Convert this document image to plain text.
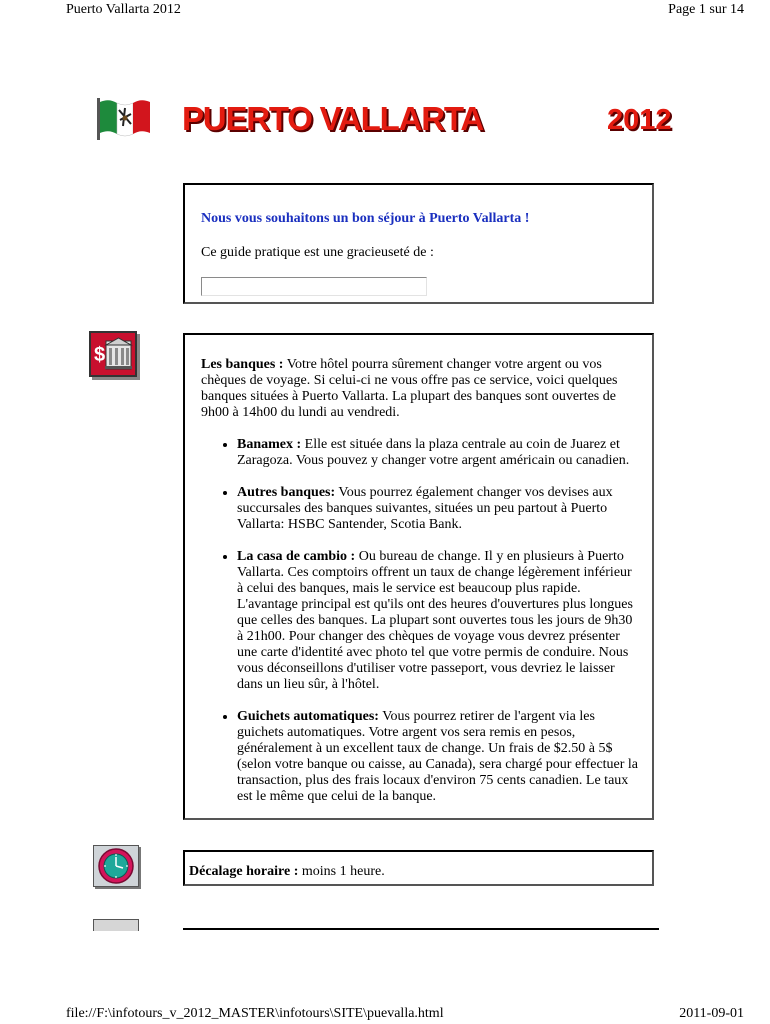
Puerto Vallarta 2012	Page 1 sur 14
PUERTO VALLARTA	2012
Nous vous souhaitons un bon séjour à Puerto Vallarta !
Ce guide pratique est une gracieuseté de :
$	Les banques : Votre hôtel pourra sûrement changer votre argent ou vos chèques de voyage. Si celui-ci ne vous offre pas ce service, voici quelques banques situées à Puerto Vallarta. La plupart des banques sont ouvertes de 9h00 à 14h00 du lundi au vendredi.

• Banamex : Elle est située dans la plaza centrale au coin de Juarez et Zaragoza. Vous pouvez y changer votre argent américain ou canadien.
• Autres banques: Vous pourrez également changer vos devises aux succursales des banques suivantes, situées un peu partout à Puerto Vallarta: HSBC Santender, Scotia Bank.
• La casa de cambio : Ou bureau de change. Il y en plusieurs à Puerto Vallarta. Ces comptoirs offrent un taux de change légèrement inférieur à celui des banques, mais le service est beaucoup plus rapide. L'avantage principal est qu'ils ont des heures d'ouvertures plus longues que celles des banques. La plupart sont ouvertes tous les jours de 9h30 à 21h00. Pour changer des chèques de voyage vous devrez présenter une carte d'identité avec photo tel que votre permis de conduire. Nous vous déconseillons d'utiliser votre passeport, vous devriez le laisser dans un lieu sûr, à l'hôtel.
• Guichets automatiques: Vous pourrez retirer de l'argent via les guichets automatiques. Votre argent vos sera remis en pesos, généralement à un excellent taux de change. Un frais de $2.50 à 5$ (selon votre banque ou caisse, au Canada), sera chargé pour effectuer la transaction, plus des frais locaux d'environ 75 cents canadien. Le taux est le même que celui de la banque.
Décalage horaire : moins 1 heure.
file://F:\infotours_v_2012_MASTER\infotours\SITE\puevalla.html	2011-09-01
